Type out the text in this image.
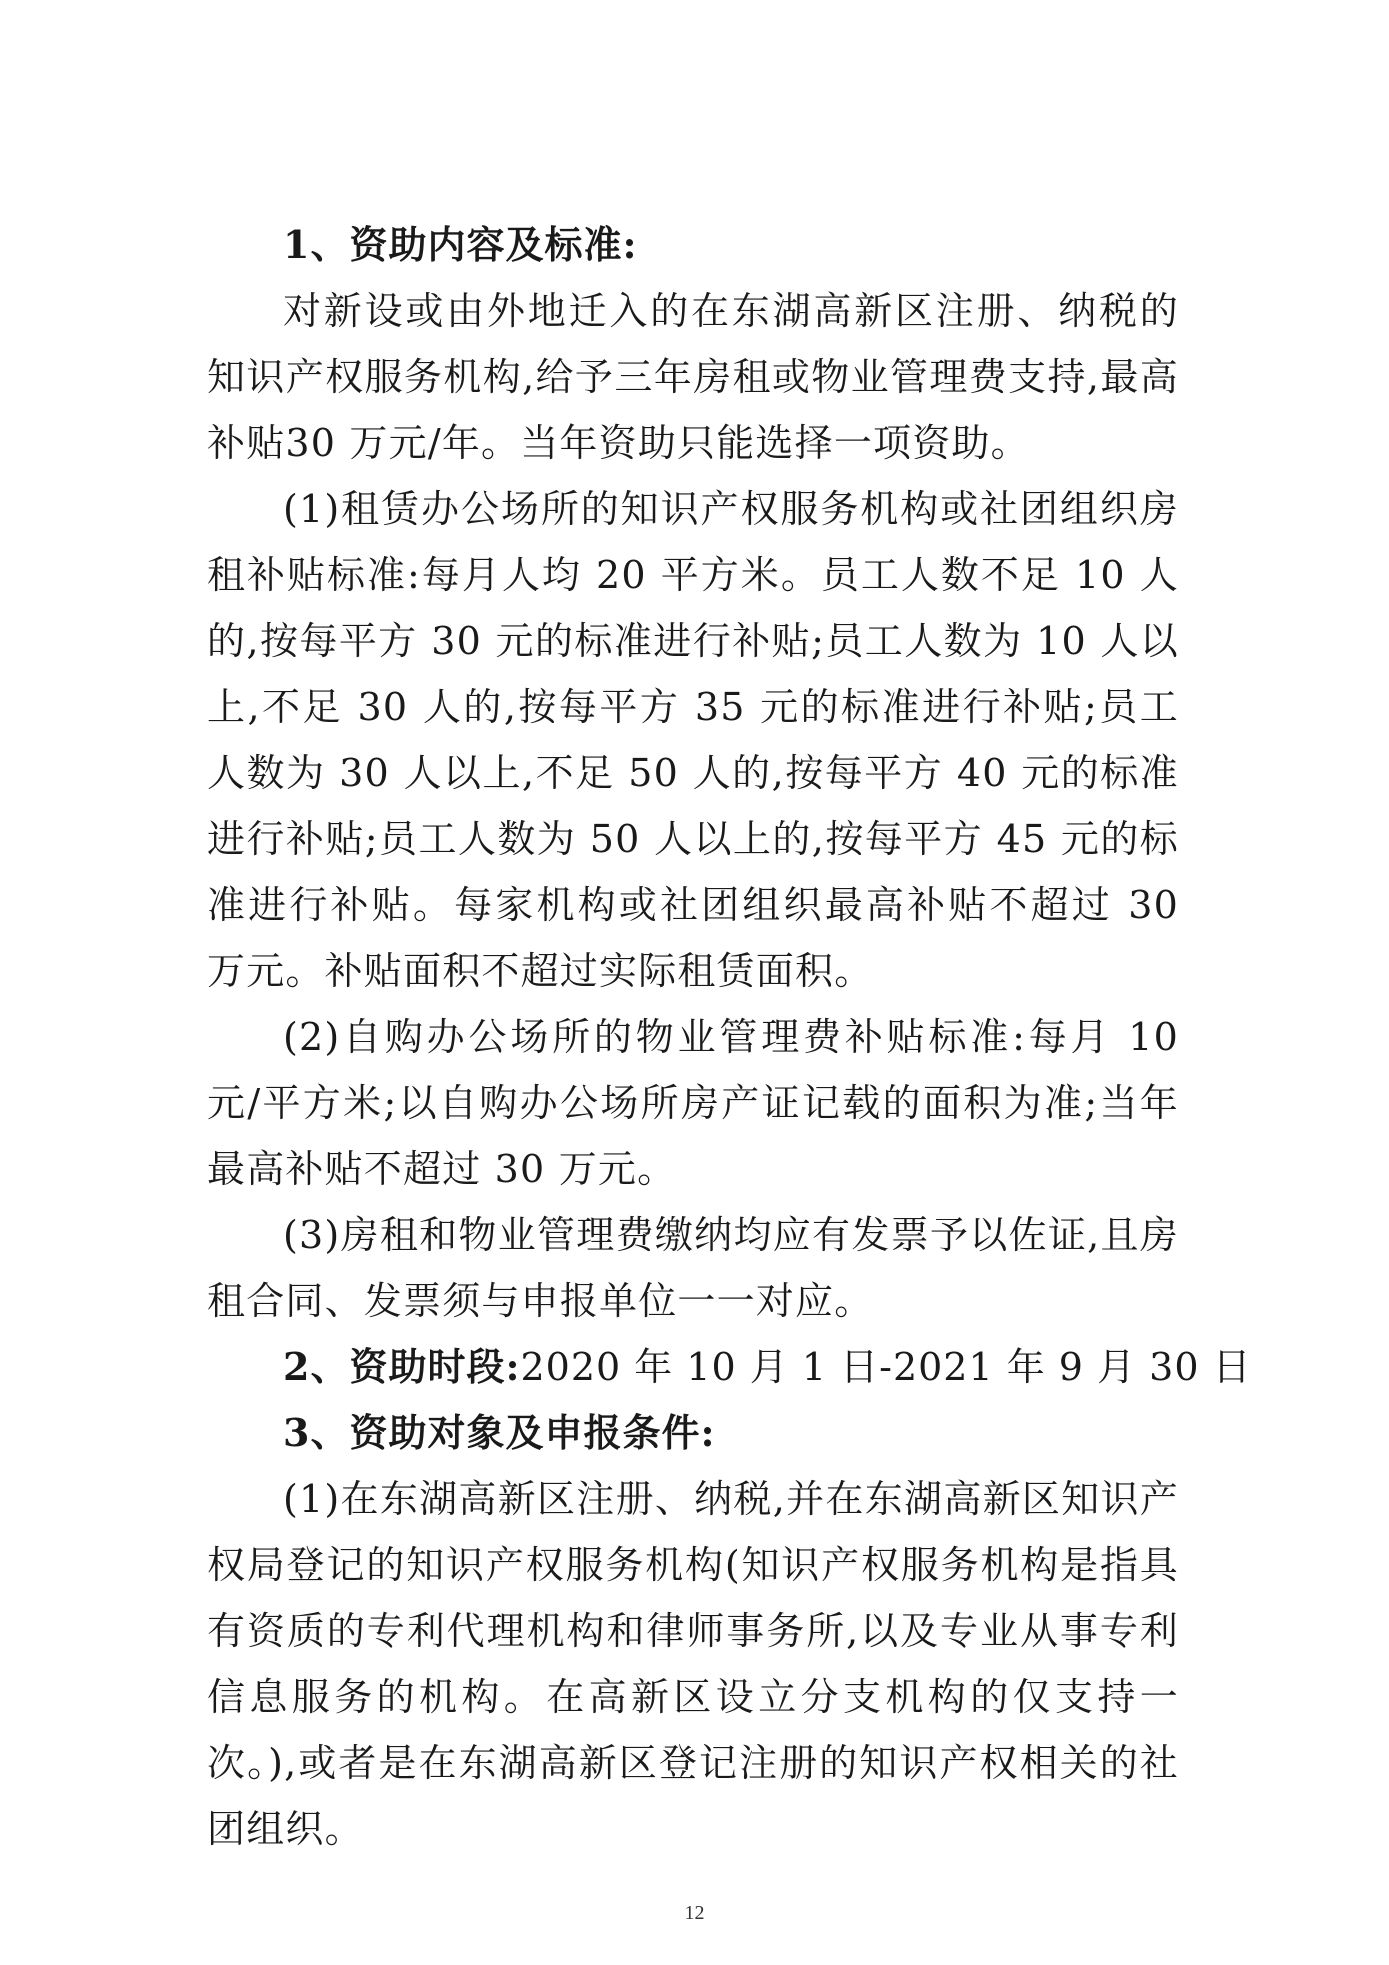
1、资助内容及标准:

对新设或由外地迁入的在东湖高新区注册、纳税的知识产权服务机构,给予三年房租或物业管理费支持,最高补贴30 万元/年。当年资助只能选择一项资助。

(1)租赁办公场所的知识产权服务机构或社团组织房租补贴标准:每月人均 20 平方米。员工人数不足 10 人的,按每平方 30 元的标准进行补贴;员工人数为 10 人以上,不足 30 人的,按每平方 35 元的标准进行补贴;员工人数为 30 人以上,不足 50 人的,按每平方 40 元的标准进行补贴;员工人数为 50 人以上的,按每平方 45 元的标准进行补贴。每家机构或社团组织最高补贴不超过 30 万元。补贴面积不超过实际租赁面积。

(2)自购办公场所的物业管理费补贴标准:每月 10 元/平方米;以自购办公场所房产证记载的面积为准;当年最高补贴不超过 30 万元。

(3)房租和物业管理费缴纳均应有发票予以佐证,且房租合同、发票须与申报单位一一对应。

2、资助时段:2020 年 10 月 1 日-2021 年 9 月 30 日

3、资助对象及申报条件:

(1)在东湖高新区注册、纳税,并在东湖高新区知识产权局登记的知识产权服务机构(知识产权服务机构是指具有资质的专利代理机构和律师事务所,以及专业从事专利信息服务的机构。在高新区设立分支机构的仅支持一次。),或者是在东湖高新区登记注册的知识产权相关的社团组织。

12
